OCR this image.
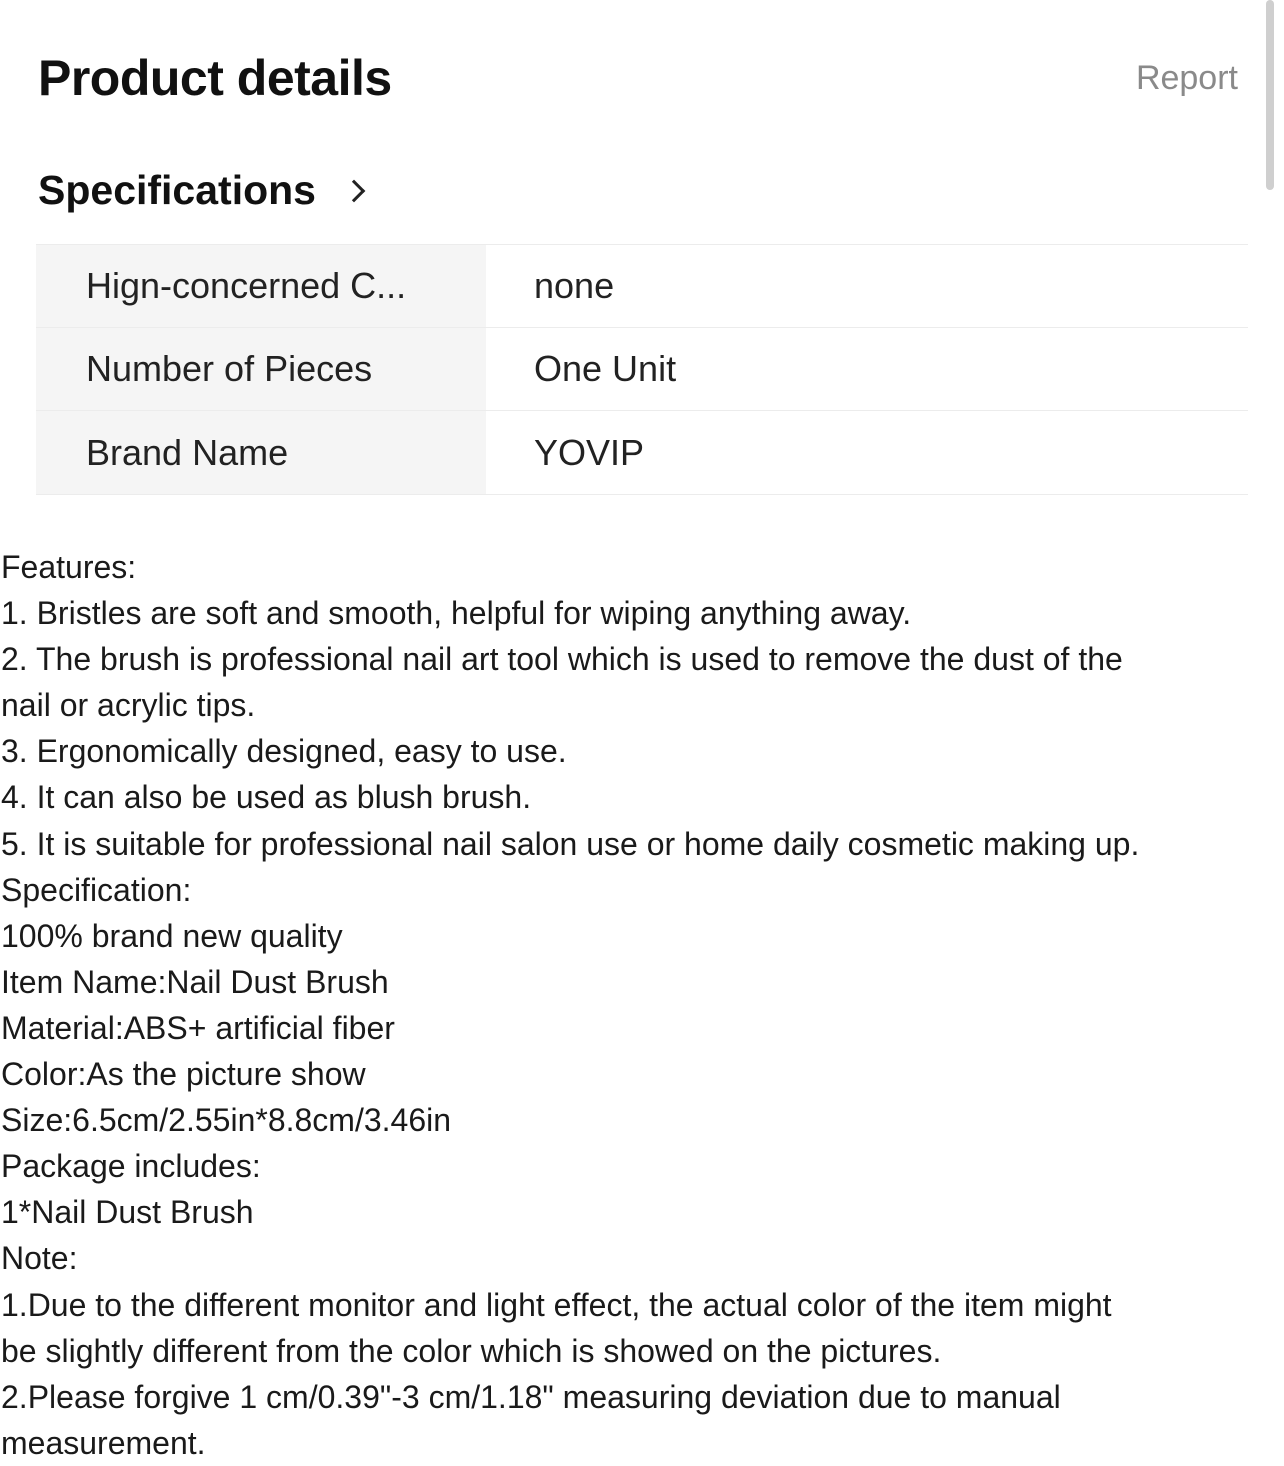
Product details	Report
Specifications
Hign-concerned C...	none
Number of Pieces	One Unit
Brand Name	YOVIP
Features:
1. Bristles are soft and smooth, helpful for wiping anything away.
2. The brush is professional nail art tool which is used to remove the dust of the
nail or acrylic tips.
3. Ergonomically designed, easy to use.
4. It can also be used as blush brush.
5. It is suitable for professional nail salon use or home daily cosmetic making up.
Specification:
100% brand new quality
Item Name:Nail Dust Brush
Material:ABS+ artificial fiber
Color:As the picture show
Size:6.5cm/2.55in*8.8cm/3.46in
Package includes:
1*Nail Dust Brush
Note:
1.Due to the different monitor and light effect, the actual color of the item might
be slightly different from the color which is showed on the pictures.
2.Please forgive 1 cm/0.39"-3 cm/1.18" measuring deviation due to manual
measurement.
